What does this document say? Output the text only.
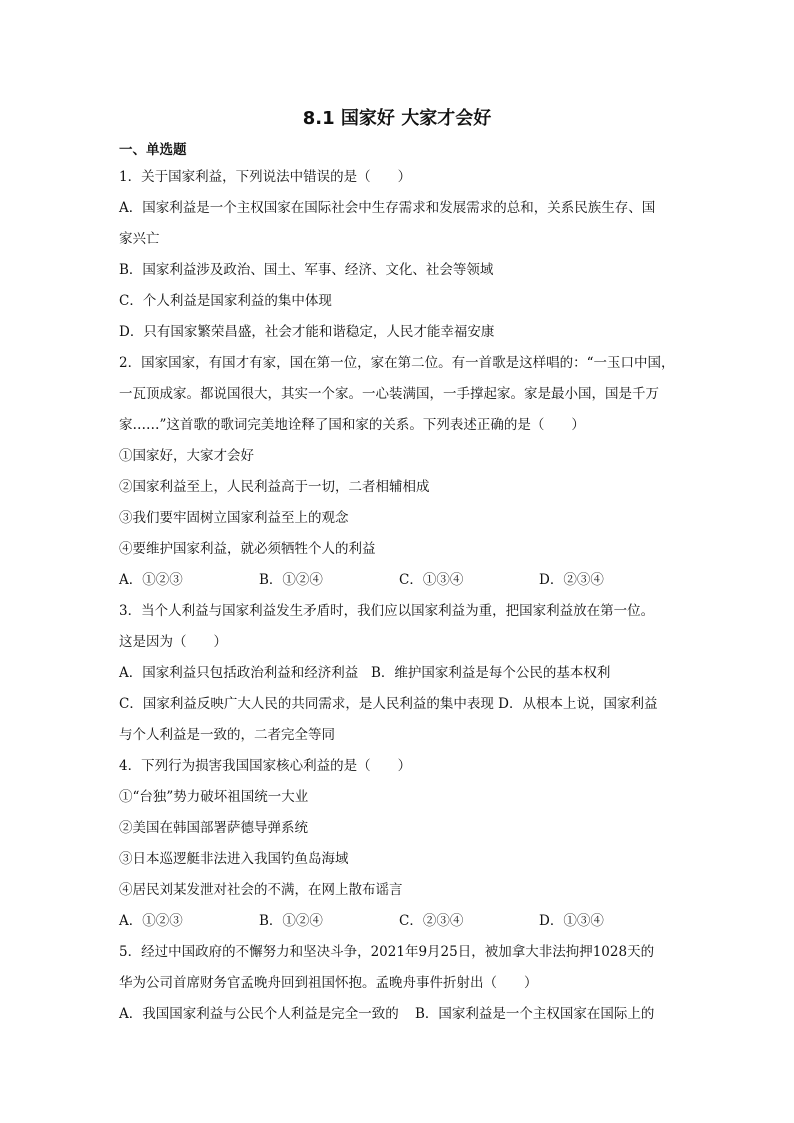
8.1 国家好 大家才会好
一、单选题
1．关于国家利益，下列说法中错误的是（　　）
A．国家利益是一个主权国家在国际社会中生存需求和发展需求的总和，关系民族生存、国
家兴亡
B．国家利益涉及政治、国土、军事、经济、文化、社会等领域
C．个人利益是国家利益的集中体现
D．只有国家繁荣昌盛，社会才能和谐稳定，人民才能幸福安康
2．国家国家，有国才有家，国在第一位，家在第二位。有一首歌是这样唱的：“一玉口中国，
一瓦顶成家。都说国很大，其实一个家。一心装满国，一手撑起家。家是最小国，国是千万
家……”这首歌的歌词完美地诠释了国和家的关系。下列表述正确的是（　　）
①国家好，大家才会好
②国家利益至上，人民利益高于一切，二者相辅相成
③我们要牢固树立国家利益至上的观念
④要维护国家利益，就必须牺牲个人的利益
A．①②③	B．①②④	C．①③④	D．②③④
3．当个人利益与国家利益发生矛盾时，我们应以国家利益为重，把国家利益放在第一位。
这是因为（　　）
A．国家利益只包括政治利益和经济利益 B．维护国家利益是每个公民的基本权利
C．国家利益反映广大人民的共同需求，是人民利益的集中表现 D．从根本上说，国家利益
与个人利益是一致的，二者完全等同
4．下列行为损害我国国家核心利益的是（　　）
①“台独”势力破坏祖国统一大业
②美国在韩国部署萨德导弹系统
③日本巡逻艇非法进入我国钓鱼岛海域
④居民刘某发泄对社会的不满，在网上散布谣言
A．①②③	B．①②④	C．②③④	D．①③④
5．经过中国政府的不懈努力和坚决斗争，2021年9月25日，被加拿大非法拘押1028天的
华为公司首席财务官孟晚舟回到祖国怀抱。孟晚舟事件折射出（　　）
A．我国国家利益与公民个人利益是完全一致的	B．国家利益是一个主权国家在国际上的
